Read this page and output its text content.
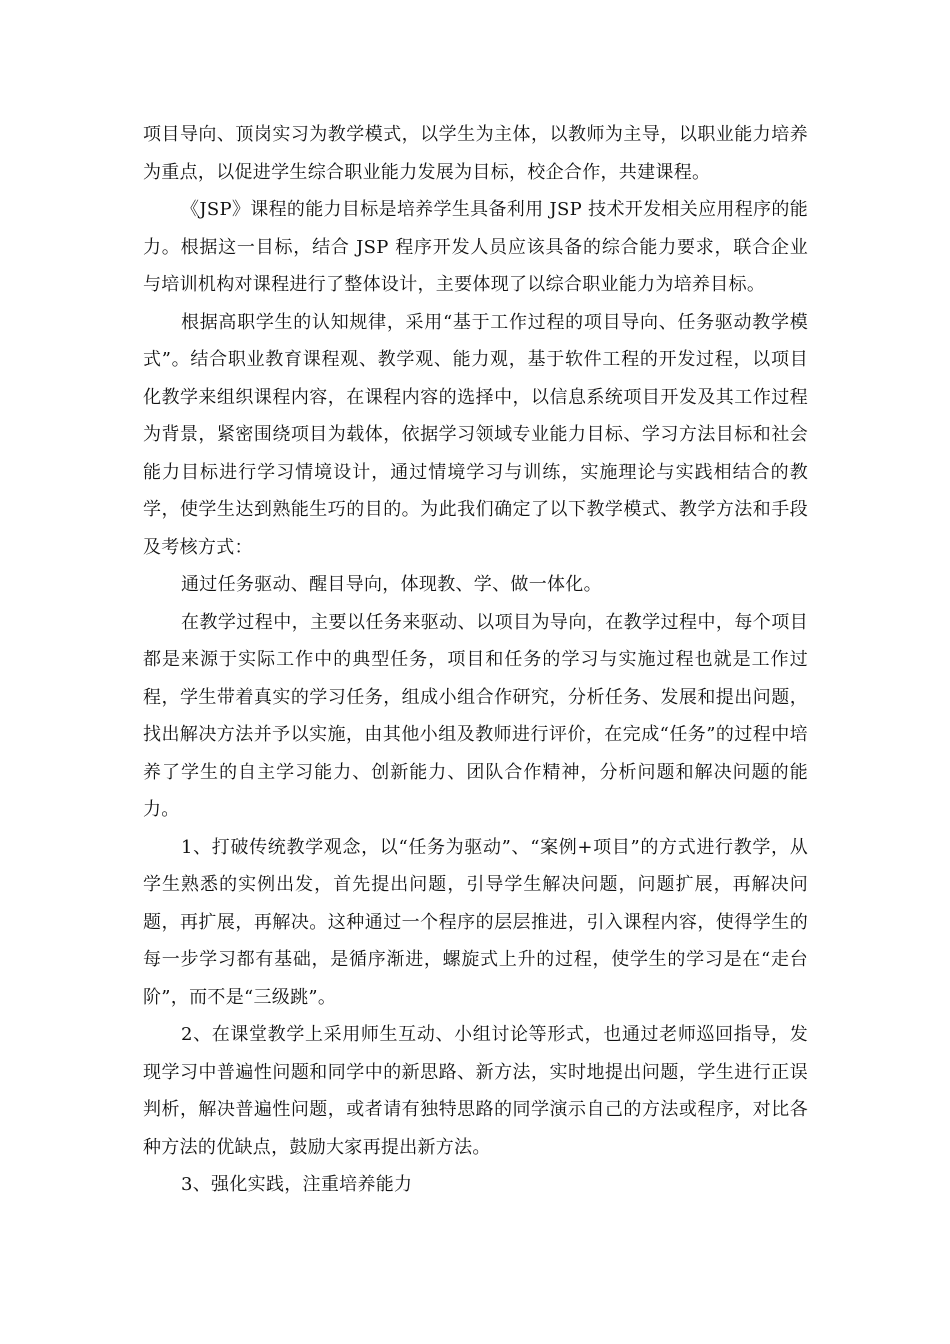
项目导向、顶岗实习为教学模式，以学生为主体，以教师为主导，以职业能力培养为重点，以促进学生综合职业能力发展为目标，校企合作，共建课程。

《JSP》课程的能力目标是培养学生具备利用 JSP 技术开发相关应用程序的能力。根据这一目标，结合 JSP 程序开发人员应该具备的综合能力要求，联合企业与培训机构对课程进行了整体设计，主要体现了以综合职业能力为培养目标。

根据高职学生的认知规律，采用“基于工作过程的项目导向、任务驱动教学模式”。结合职业教育课程观、教学观、能力观，基于软件工程的开发过程，以项目化教学来组织课程内容，在课程内容的选择中，以信息系统项目开发及其工作过程为背景，紧密围绕项目为载体，依据学习领域专业能力目标、学习方法目标和社会能力目标进行学习情境设计，通过情境学习与训练，实施理论与实践相结合的教学，使学生达到熟能生巧的目的。为此我们确定了以下教学模式、教学方法和手段及考核方式：

通过任务驱动、醒目导向，体现教、学、做一体化。

在教学过程中，主要以任务来驱动、以项目为导向，在教学过程中，每个项目都是来源于实际工作中的典型任务，项目和任务的学习与实施过程也就是工作过程，学生带着真实的学习任务，组成小组合作研究，分析任务、发展和提出问题，找出解决方法并予以实施，由其他小组及教师进行评价，在完成“任务”的过程中培养了学生的自主学习能力、创新能力、团队合作精神，分析问题和解决问题的能力。

1、打破传统教学观念，以“任务为驱动”、“案例+项目”的方式进行教学，从学生熟悉的实例出发，首先提出问题，引导学生解决问题，问题扩展，再解决问题，再扩展，再解决。这种通过一个程序的层层推进，引入课程内容，使得学生的每一步学习都有基础，是循序渐进，螺旋式上升的过程，使学生的学习是在“走台阶”，而不是“三级跳”。

2、在课堂教学上采用师生互动、小组讨论等形式，也通过老师巡回指导，发现学习中普遍性问题和同学中的新思路、新方法，实时地提出问题，学生进行正误判析，解决普遍性问题，或者请有独特思路的同学演示自己的方法或程序，对比各种方法的优缺点，鼓励大家再提出新方法。

3、强化实践，注重培养能力
